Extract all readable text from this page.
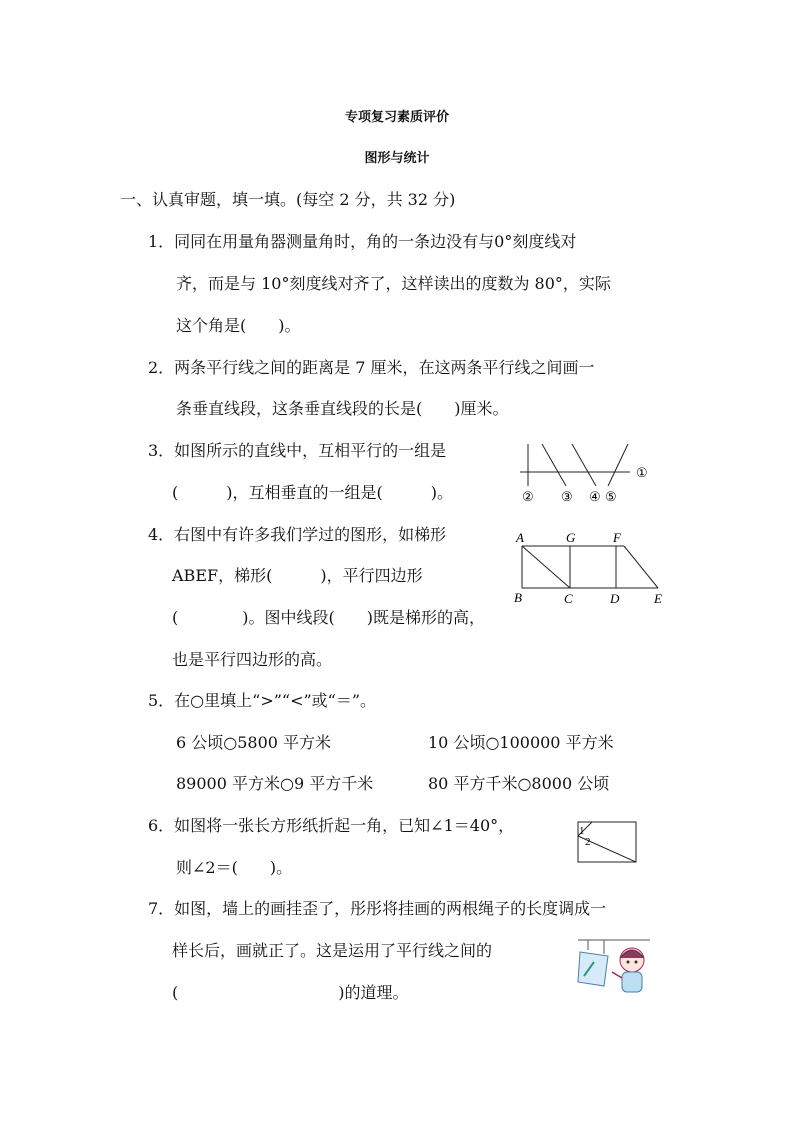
专项复习素质评价
图形与统计
一、认真审题，填一填。(每空 2 分，共 32 分)
1．同同在用量角器测量角时，角的一条边没有与0°刻度线对
齐，而是与 10°刻度线对齐了，这样读出的度数为 80°，实际
这个角是(　　)。
2．两条平行线之间的距离是 7 厘米，在这两条平行线之间画一
条垂直线段，这条垂直线段的长是(　　)厘米。
3．如图所示的直线中，互相平行的一组是
(　　　)，互相垂直的一组是(　　　)。
①
② ③ ④ ⑤
4．右图中有许多我们学过的图形，如梯形
ABEF，梯形(　　　)，平行四边形
(　　　　)。图中线段(　　)既是梯形的高，
也是平行四边形的高。
A	G	F
B	C	D	E
5．在○里填上“>”“<”或“＝”。
6 公顷○5800 平方米	10 公顷○100000 平方米
89000 平方米○9 平方千米	80 平方千米○8000 公顷
6．如图将一张长方形纸折起一角，已知∠1＝40°，
则∠2＝(　　)。
1
2
7．如图，墙上的画挂歪了，彤彤将挂画的两根绳子的长度调成一
样长后，画就正了。这是运用了平行线之间的
(　　　　　　　　　　)的道理。
